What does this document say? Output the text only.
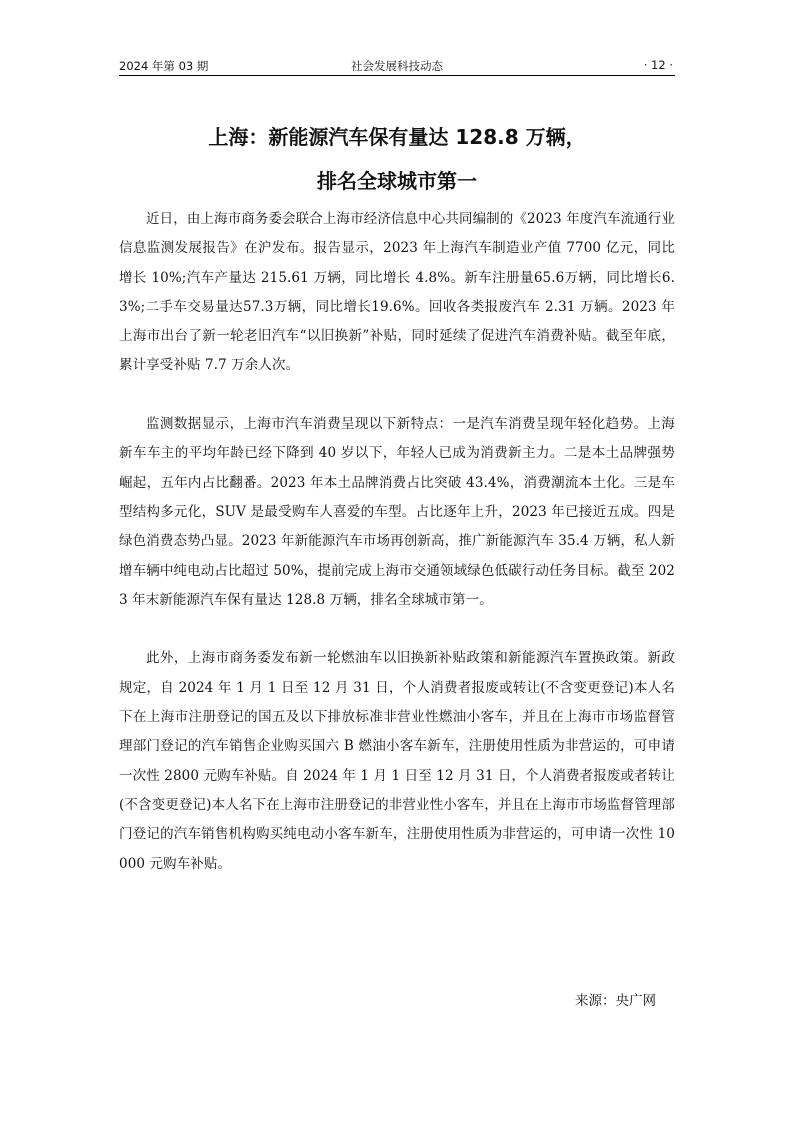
2024 年第 03 期	社会发展科技动态	· 12 ·
上海：新能源汽车保有量达 128.8 万辆，
排名全球城市第一

近日，由上海市商务委会联合上海市经济信息中心共同编制的《2023 年度汽车流通行业信息监测发展报告》在沪发布。报告显示，2023 年上海汽车制造业产值 7700 亿元，同比增长 10%;汽车产量达 215.61 万辆，同比增长 4.8%。新车注册量65.6万辆，同比增长6.3%;二手车交易量达57.3万辆，同比增长19.6%。回收各类报废汽车 2.31 万辆。2023 年上海市出台了新一轮老旧汽车“以旧换新”补贴，同时延续了促进汽车消费补贴。截至年底，累计享受补贴 7.7 万余人次。

监测数据显示，上海市汽车消费呈现以下新特点：一是汽车消费呈现年轻化趋势。上海新车车主的平均年龄已经下降到 40 岁以下，年轻人已成为消费新主力。二是本土品牌强势崛起，五年内占比翻番。2023 年本土品牌消费占比突破 43.4%，消费潮流本土化。三是车型结构多元化，SUV 是最受购车人喜爱的车型。占比逐年上升，2023 年已接近五成。四是绿色消费态势凸显。2023 年新能源汽车市场再创新高，推广新能源汽车 35.4 万辆，私人新增车辆中纯电动占比超过 50%，提前完成上海市交通领域绿色低碳行动任务目标。截至 2023 年末新能源汽车保有量达 128.8 万辆，排名全球城市第一。

此外，上海市商务委发布新一轮燃油车以旧换新补贴政策和新能源汽车置换政策。新政规定，自 2024 年 1 月 1 日至 12 月 31 日，个人消费者报废或转让(不含变更登记)本人名下在上海市注册登记的国五及以下排放标准非营业性燃油小客车，并且在上海市市场监督管理部门登记的汽车销售企业购买国六 B 燃油小客车新车，注册使用性质为非营运的，可申请一次性 2800 元购车补贴。自 2024 年 1 月 1 日至 12 月 31 日，个人消费者报废或者转让(不含变更登记)本人名下在上海市注册登记的非营业性小客车，并且在上海市市场监督管理部门登记的汽车销售机构购买纯电动小客车新车，注册使用性质为非营运的，可申请一次性 10000 元购车补贴。

来源：央广网
